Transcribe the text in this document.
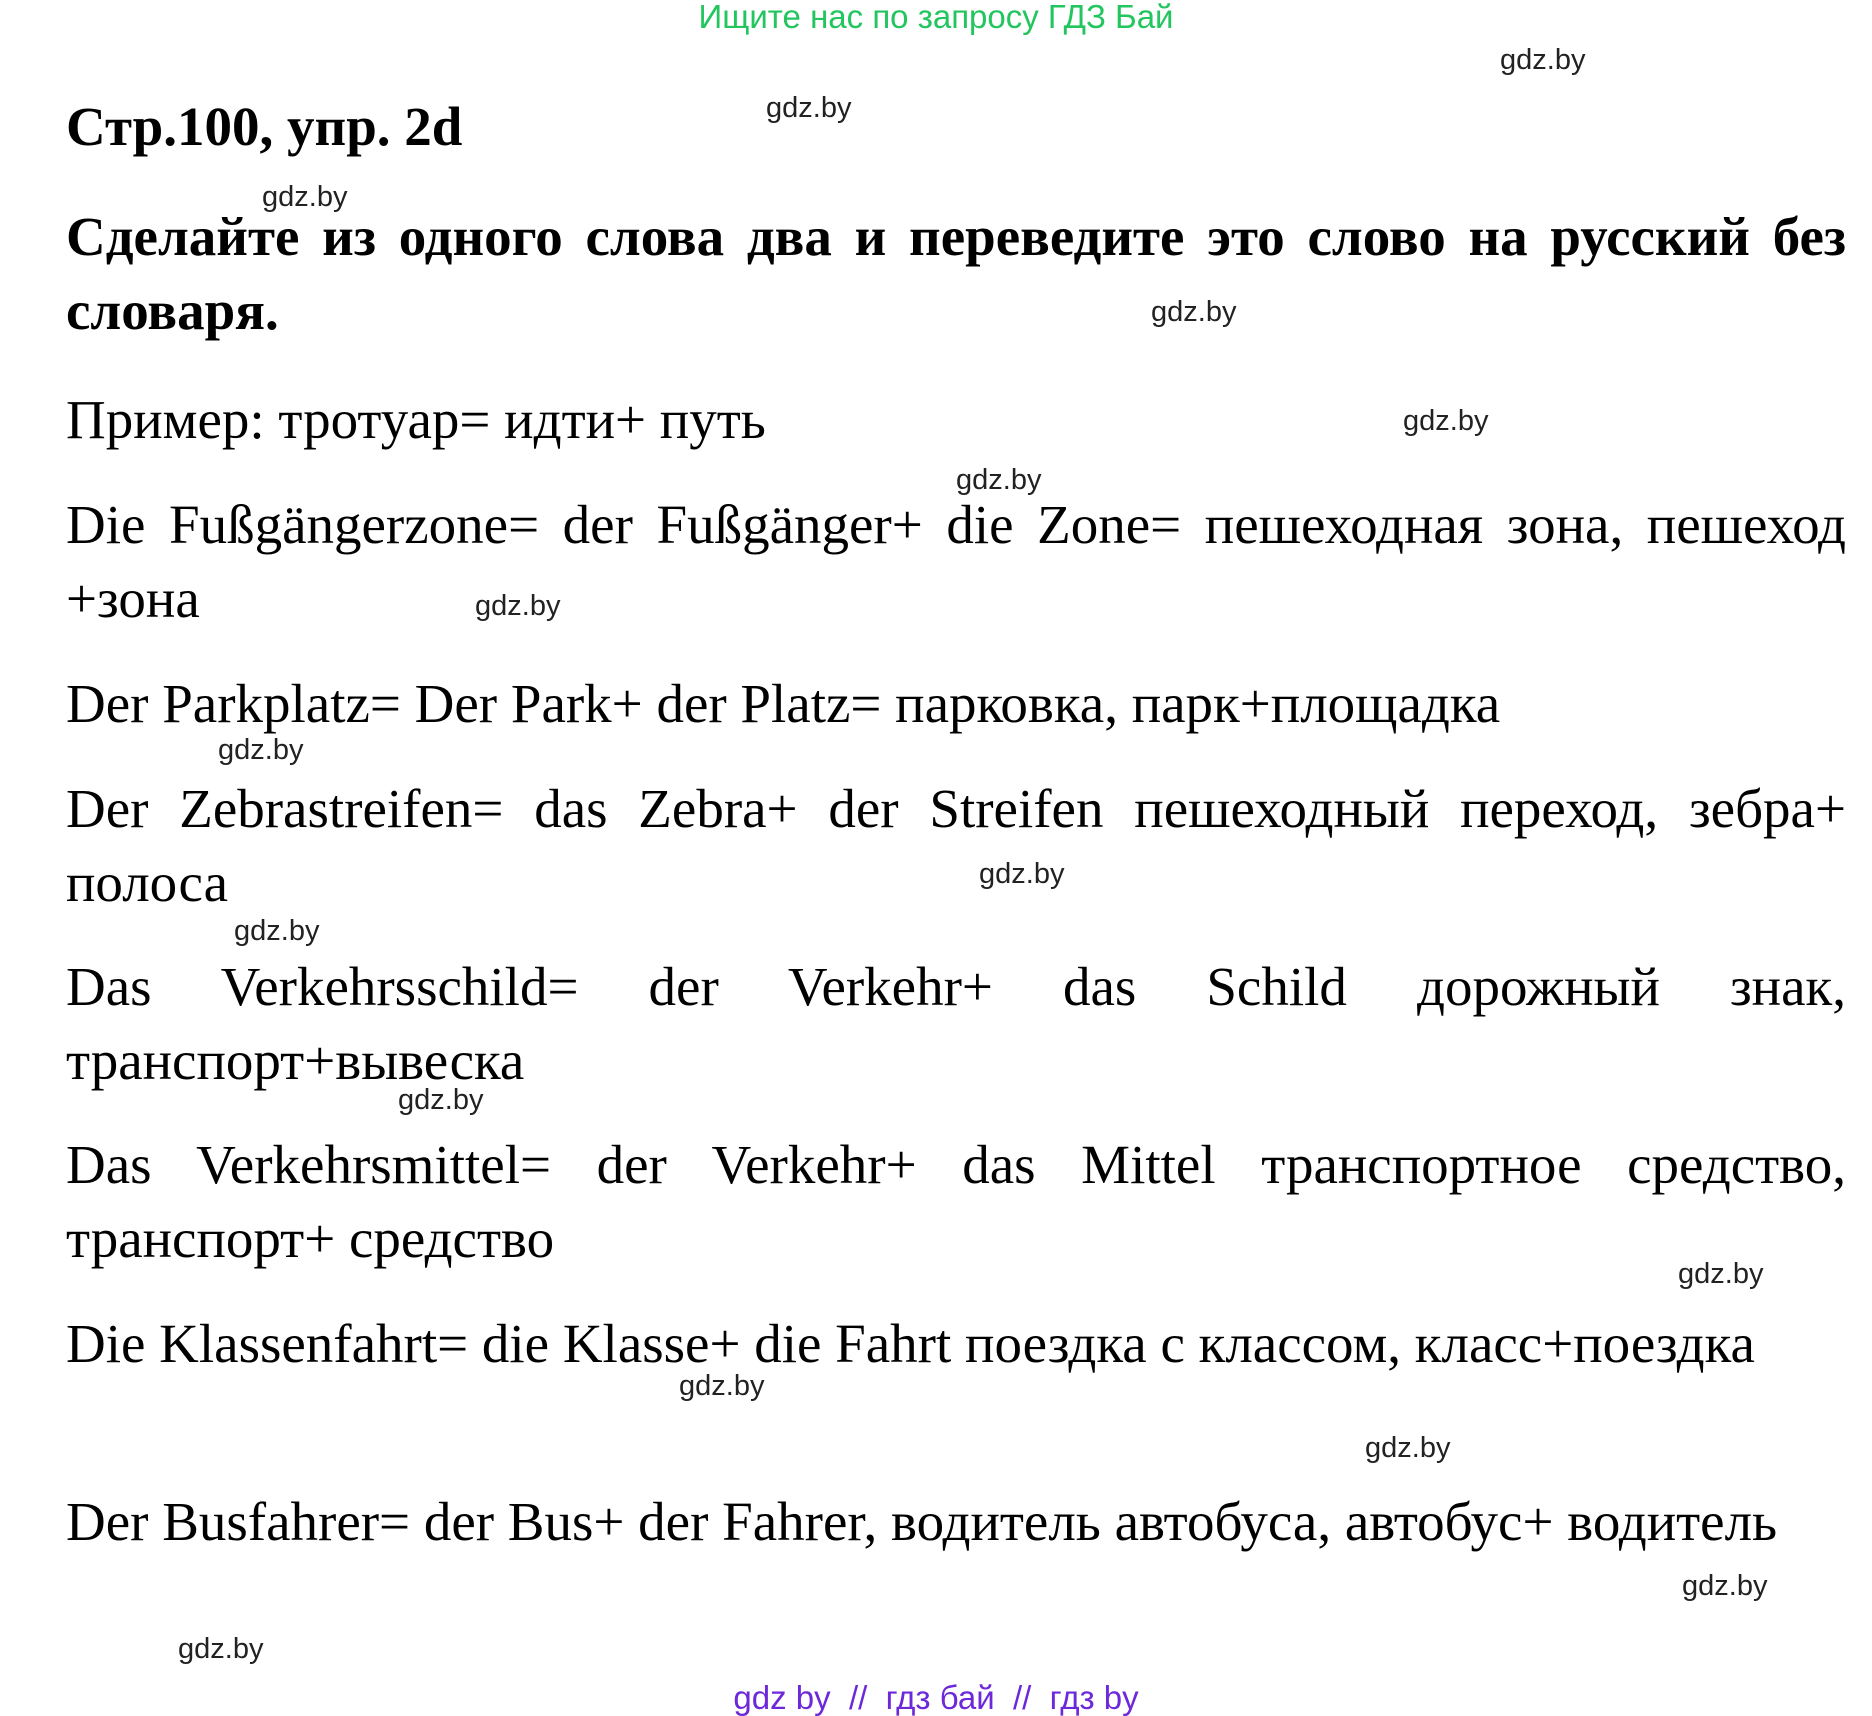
Ищите нас по запросу ГДЗ Бай
Стр.100, упр. 2d
Сделайте из одного слова два и переведите это слово на русский без словаря.
Пример: тротуар= идти+ путь
Die Fußgängerzone= der Fußgänger+ die Zone= пешеходная зона, пешеход +зона
Der Parkplatz= Der Park+ der Platz= парковка, парк+площадка
Der Zebrastreifen= das Zebra+ der Streifen пешеходный переход, зебра+ полоса
Das Verkehrsschild= der Verkehr+ das Schild дорожный знак, транспорт+вывеска
Das Verkehrsmittel= der Verkehr+ das Mittel транспортное средство, транспорт+ средство
Die Klassenfahrt= die Klasse+ die Fahrt поездка с классом, класс+поездка
Der Busfahrer= der Bus+ der Fahrer, водитель автобуса, автобус+ водитель
gdz.by
gdz.by
gdz.by
gdz.by
gdz.by
gdz.by
gdz.by
gdz.by
gdz.by
gdz.by
gdz.by
gdz.by
gdz.by
gdz.by
gdz.by
gdz.by
gdz by  //  гдз бай  //  гдз by
